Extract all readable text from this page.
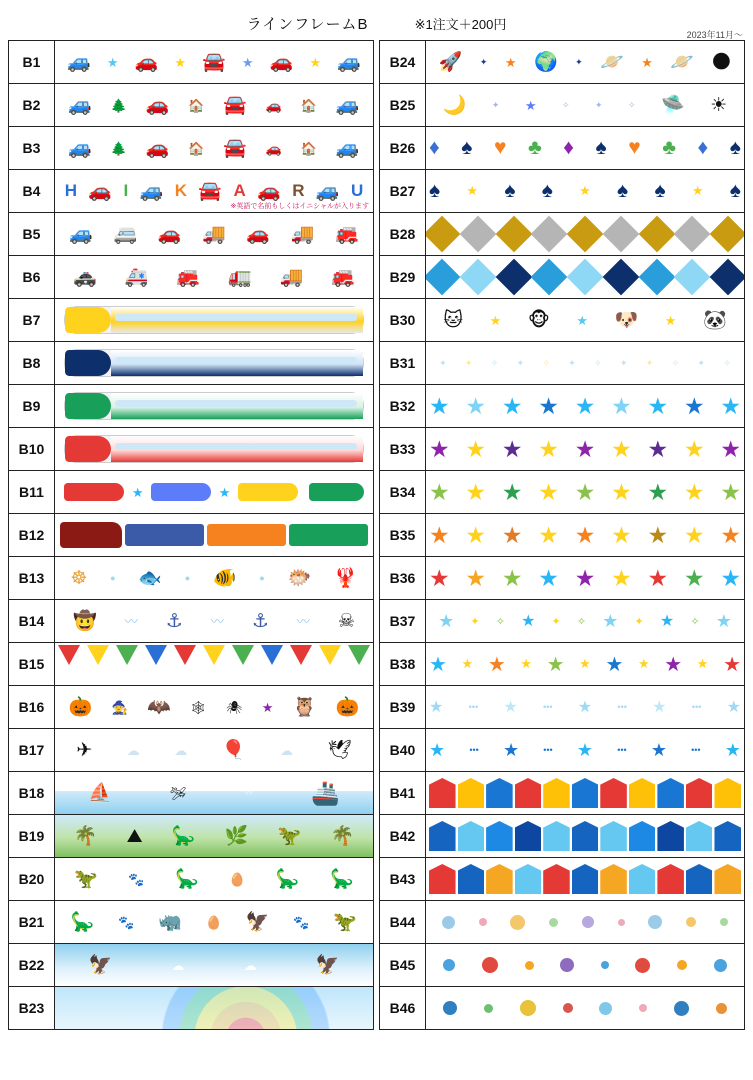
ラインフレームB	※1注文＋200円
2023年11月～
B1	🚙 ★ 🚗 ★ 🚘 ★ 🚗 ★ 🚙
B2	🚙 🌲 🚗 🏠 🚘 🚗 🏠 🚙
B3	🚙 🌲 🚗 🏠 🚘 🚗 🏠 🚙
B4	H 🚗 I 🚙 K 🚘 A 🚗 R 🚙 U
※英語で名前もしくはイニシャルが入ります
B5	🚙 🚐 🚗 🚚 🚗 🚚 🚒
B6	🚓 🚑 🚒 🚛 🚚 🚒
B7
B8
B9
B10
B11	★	★
B12
B13	☸	● 🐟	● 🐠	● 🐡 🦞
B14	🤠 〰 ⚓ 〰 ⚓ 〰 ☠
B15
B16	🎃 🧙 🦇 🕸 🕷 ★ 🦉 🎃
B17	✈	☁	☁ 🎈	☁ 🕊
B18	⛵	🛩	〰	🚢
B19	🌴 ⛰ 🦕 🌿 🦖 🌴
B20	🦖 🐾 🦕 🥚 🦕 🦕
B21	🦕 🐾 🦏 🥚 🦅 🐾 🦖
B22	🦅	☁	☁	🦅
B23
B24	🚀 ✦ ★ 🌍 ✦ 🪐 ★ 🪐 🌑
B25	🌙	✦ ★	✧	✦	✧ 🛸 ☀
B26 ♦ ♠ ♥ ♣ ♦ ♠ ♥ ♣ ♦ ♠
B27 ♠ ★ ♠ ♠ ★ ♠ ♠ ★ ♠
B28
B29
B30	🐱 ★ 🐵 ★ 🐶 ★ 🐼
B31	✦ ✦ ✧ ✦ ✧ ✦ ✧ ✦ ✦ ✧ ✦ ✧
B32 ★ ★ ★ ★ ★ ★ ★ ★ ★
B33 ★ ★ ★ ★ ★ ★ ★ ★ ★
B34 ★ ★ ★ ★ ★ ★ ★ ★ ★
B35 ★ ★ ★ ★ ★ ★ ★ ★ ★
B36 ★ ★ ★ ★ ★ ★ ★ ★ ★
B37	★ ✦ ✧ ★ ✦ ✧ ★ ✦ ★ ✧ ★
B38 ★ ★ ★ ★ ★ ★ ★ ★ ★ ★ ★
B39 ★	••• ★	••• ★	••• ★	••• ★
B40 ★	••• ★	••• ★	••• ★	••• ★
B41
B42
B43
B44
B45
B46
